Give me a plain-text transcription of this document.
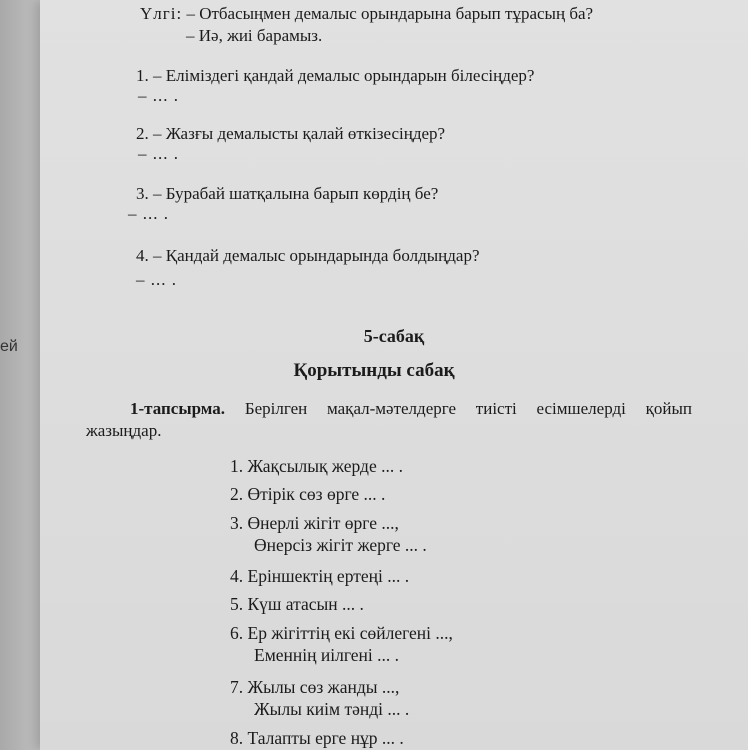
ей
Үлгі: – Отбасыңмен демалыс орындарына барып тұрасың ба?
– Иә, жиі барамыз.
1. – Еліміздегі қандай демалыс орындарын білесіңдер?
– ... .
2. – Жазғы демалысты қалай өткізесіңдер?
– ... .
3. – Бурабай шатқалына барып көрдің бе?
– ... .
4. – Қандай демалыс орындарында болдыңдар?
– ... .
5-сабақ
Қорытынды сабақ
1-тапсырма. Берілген мақал-мәтелдерге тиісті есімшелерді қойып жазыңдар.
1. Жақсылық жерде ... .
2. Өтірік сөз өрге ... .
3. Өнерлі жігіт өрге ...,
Өнерсіз жігіт жерге ... .
4. Еріншектің ертеңі ... .
5. Күш атасын ... .
6. Ер жігіттің екі сөйлегені ...,
Еменнің иілгені ... .
7. Жылы сөз жанды ...,
Жылы киім тәнді ... .
8. Талапты ерге нұр ... .
